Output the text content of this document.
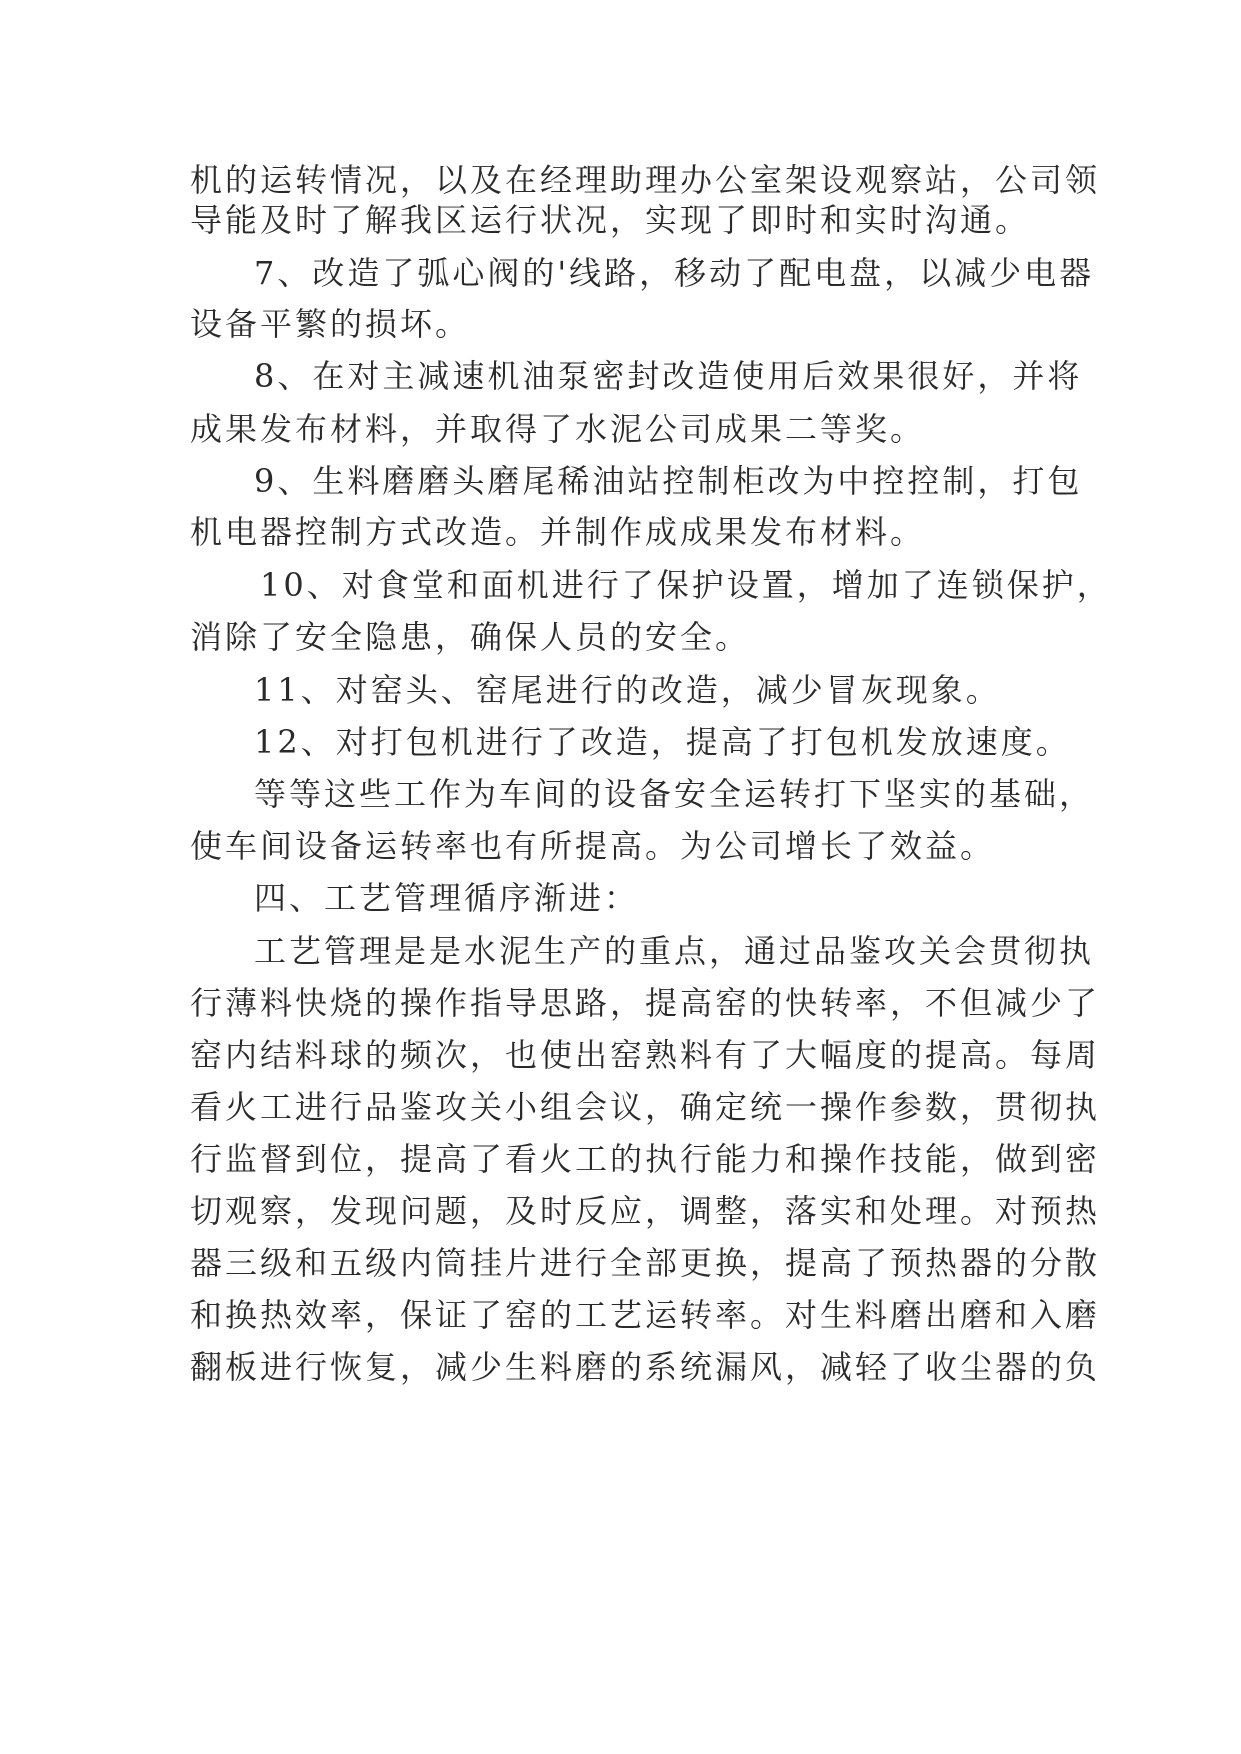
机的运转情况，以及在经理助理办公室架设观察站，公司领
导能及时了解我区运行状况，实现了即时和实时沟通。
7、改造了弧心阀的'线路，移动了配电盘，以减少电器
设备平繁的损坏。
8、在对主减速机油泵密封改造使用后效果很好，并将
成果发布材料，并取得了水泥公司成果二等奖。
9、生料磨磨头磨尾稀油站控制柜改为中控控制，打包
机电器控制方式改造。并制作成成果发布材料。
10、对食堂和面机进行了保护设置，增加了连锁保护，
消除了安全隐患，确保人员的安全。
11、对窑头、窑尾进行的改造，减少冒灰现象。
12、对打包机进行了改造，提高了打包机发放速度。
等等这些工作为车间的设备安全运转打下坚实的基础，
使车间设备运转率也有所提高。为公司增长了效益。
四、工艺管理循序渐进：
工艺管理是是水泥生产的重点，通过品鉴攻关会贯彻执
行薄料快烧的操作指导思路，提高窑的快转率，不但减少了
窑内结料球的频次，也使出窑熟料有了大幅度的提高。每周
看火工进行品鉴攻关小组会议，确定统一操作参数，贯彻执
行监督到位，提高了看火工的执行能力和操作技能，做到密
切观察，发现问题，及时反应，调整，落实和处理。对预热
器三级和五级内筒挂片进行全部更换，提高了预热器的分散
和换热效率，保证了窑的工艺运转率。对生料磨出磨和入磨
翻板进行恢复，减少生料磨的系统漏风，减轻了收尘器的负
